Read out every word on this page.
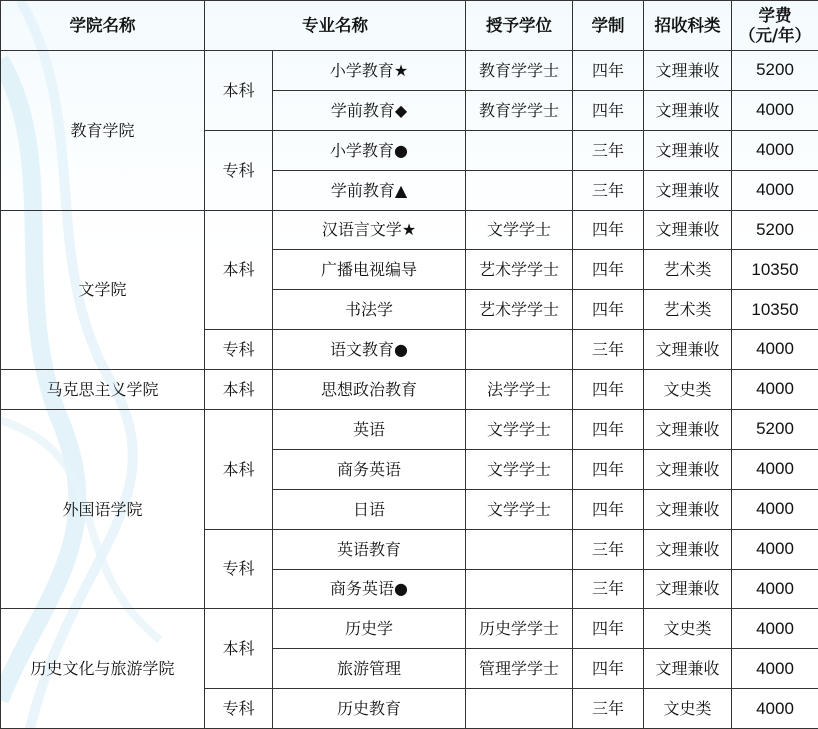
学院名称	专业名称		授予学位	学制	招收科类	学费
（元/年）

教育学院	本科	小学教育★	教育学学士	四年	文理兼收	5200
		学前教育◆	教育学学士	四年	文理兼收	4000
	专科	小学教育●		三年	文理兼收	4000
		学前教育▲		三年	文理兼收	4000
文学院	本科	汉语言文学★	文学学士	四年	文理兼收	5200
		广播电视编导	艺术学学士	四年	艺术类	10350
		书法学	艺术学学士	四年	艺术类	10350
	专科	语文教育●		三年	文理兼收	4000
马克思主义学院	本科	思想政治教育	法学学士	四年	文史类	4000
外国语学院	本科	英语	文学学士	四年	文理兼收	5200
		商务英语	文学学士	四年	文理兼收	4000
		日语	文学学士	四年	文理兼收	4000
	专科	英语教育		三年	文理兼收	4000
		商务英语●		三年	文理兼收	4000
历史文化与旅游学院	本科	历史学	历史学学士	四年	文史类	4000
		旅游管理	管理学学士	四年	文理兼收	4000
	专科	历史教育		三年	文史类	4000
